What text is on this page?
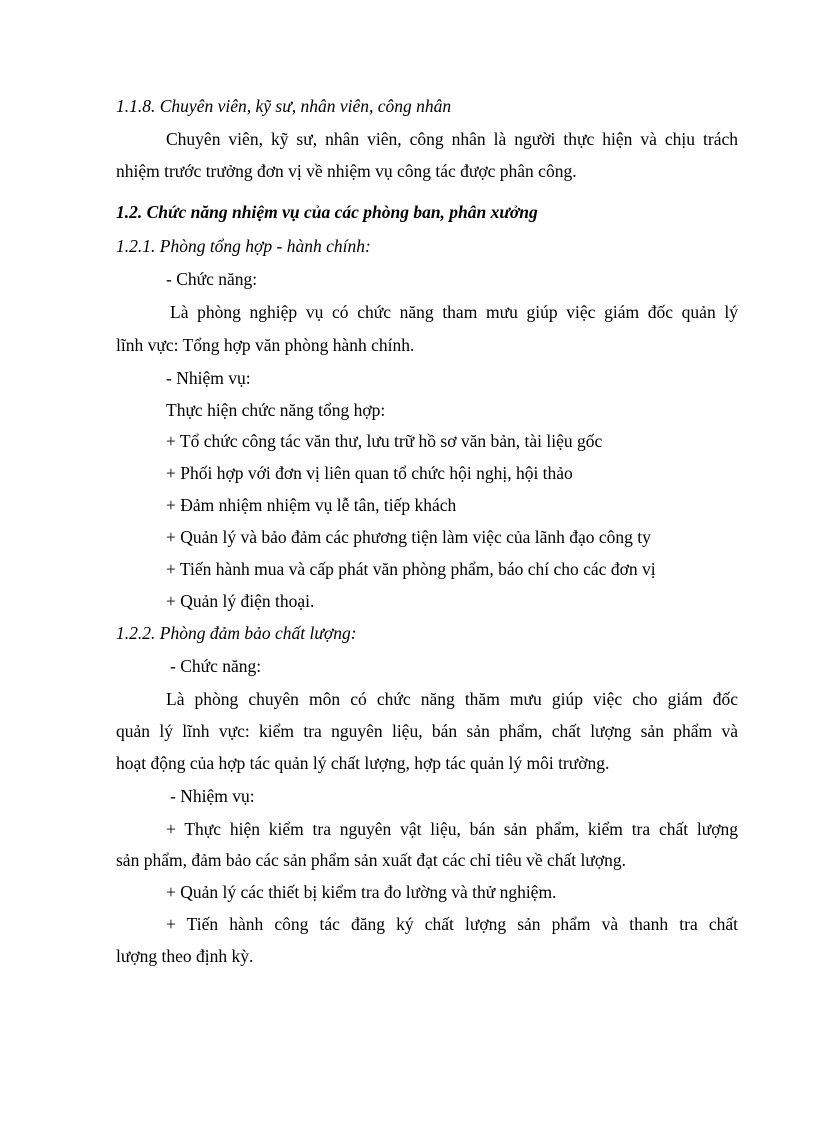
1.1.8. Chuyên viên, kỹ sư, nhân viên, công nhân
Chuyên viên, kỹ sư, nhân viên, công nhân là người thực hiện và chịu trách
nhiệm trước trưởng đơn vị về nhiệm vụ công tác được phân công.
1.2. Chức năng nhiệm vụ của các phòng ban, phân xưởng
1.2.1. Phòng tổng hợp - hành chính:
- Chức năng:
Là phòng nghiệp vụ có chức năng tham mưu giúp việc giám đốc quản lý
lĩnh vực: Tổng hợp văn phòng hành chính.
- Nhiệm vụ:
Thực hiện chức năng tổng hợp:
+ Tổ chức công tác văn thư, lưu trữ hồ sơ văn bản, tài liệu gốc
+ Phối hợp với đơn vị liên quan tổ chức hội nghị, hội thảo
+ Đảm nhiệm nhiệm vụ lễ tân, tiếp khách
+ Quản lý và bảo đảm các phương tiện làm việc của lãnh đạo công ty
+ Tiến hành mua và cấp phát văn phòng phẩm, báo chí cho các đơn vị
+ Quản lý điện thoại.
1.2.2. Phòng đảm bảo chất lượng:
- Chức năng:
Là phòng chuyên môn có chức năng thăm mưu giúp việc cho giám đốc
quản lý lĩnh vực: kiểm tra nguyên liệu, bán sản phẩm, chất lượng sản phẩm và
hoạt động của hợp tác quản lý chất lượng, hợp tác quản lý môi trường.
- Nhiệm vụ:
+ Thực hiện kiểm tra nguyên vật liệu, bán sản phẩm, kiểm tra chất lượng
sản phẩm, đảm bảo các sản phẩm sản xuất đạt các chỉ tiêu về chất lượng.
+ Quản lý các thiết bị kiểm tra đo lường và thử nghiệm.
+ Tiến hành công tác đăng ký chất lượng sản phẩm và thanh tra chất
lượng theo định kỳ.
